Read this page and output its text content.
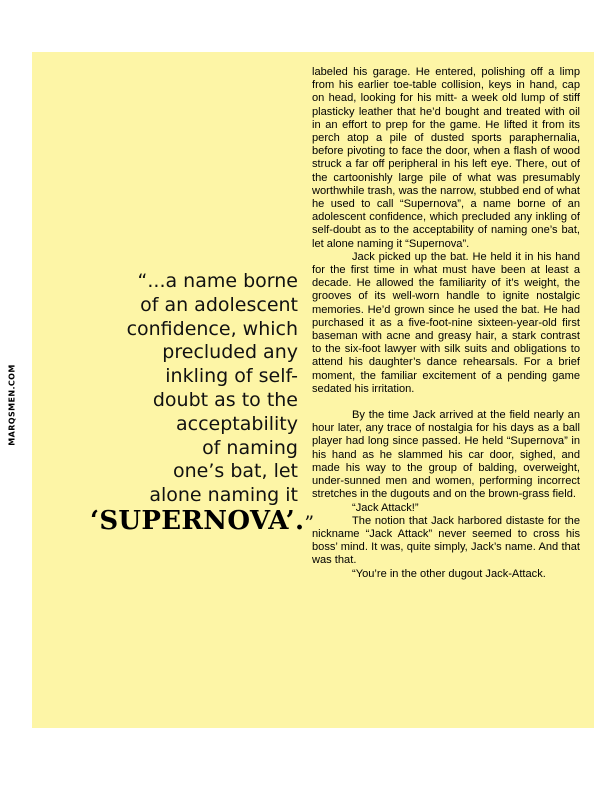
MARQSMEN.COM
“...a name borne
of an adolescent
confidence, which
precluded any
inkling of self-
doubt as to the
acceptability
of naming
one’s bat, let
alone naming it
‘SUPERNOVA’.”

labeled his garage. He entered, polishing off a limp from his earlier toe-table collision, keys in hand, cap on head, looking for his mitt- a week old lump of stiff plasticky leather that he’d bought and treated with oil in an effort to prep for the game. He lifted it from its perch atop a pile of dusted sports paraphernalia, before pivoting to face the door, when a flash of wood struck a far off peripheral in his left eye. There, out of the cartoonishly large pile of what was presumably worthwhile trash, was the narrow, stubbed end of what he used to call “Supernova”, a name borne of an adolescent confidence, which precluded any inkling of self-doubt as to the acceptability of naming one’s bat, let alone naming it “Supernova”.

Jack picked up the bat. He held it in his hand for the first time in what must have been at least a decade. He allowed the familiarity of it’s weight, the grooves of its well-worn handle to ignite nostalgic memories. He’d grown since he used the bat. He had purchased it as a five-foot-nine sixteen-year-old first baseman with acne and greasy hair, a stark contrast to the six-foot lawyer with silk suits and obligations to attend his daughter’s dance rehearsals. For a brief moment, the familiar excitement of a pending game sedated his irritation.

By the time Jack arrived at the field nearly an hour later, any trace of nostalgia for his days as a ball player had long since passed. He held “Supernova” in his hand as he slammed his car door, sighed, and made his way to the group of balding, overweight, under-sunned men and women, performing incorrect stretches in the dugouts and on the brown-grass field.

“Jack Attack!”

The notion that Jack harbored distaste for the nickname “Jack Attack” never seemed to cross his boss’ mind. It was, quite simply, Jack’s name. And that was that.

“You’re in the other dugout Jack-Attack.
